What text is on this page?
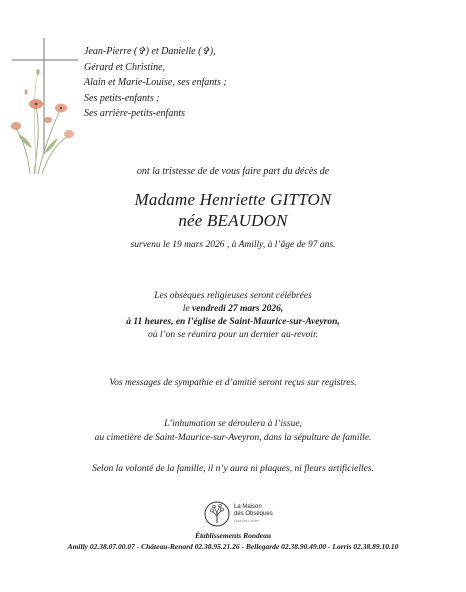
Jean-Pierre (✞) et Danielle (✞),
Gérard et Christine,
Alain et Marie-Louise, ses enfants ;
Ses petits-enfants ;
Ses arrière-petits-enfants
ont la tristesse de de vous faire part du décès de
Madame Henriette GITTON
née BEAUDON
survenu le 19 mars 2026 , à Amilly, à l’âge de 97 ans.
Les obsèques religieuses seront célébrées
le vendredi 27 mars 2026,
à 11 heures, en l’église de Saint-Maurice-sur-Aveyron,
où l’on se réunira pour un dernier au-revoir.
Vos messages de sympathie et d’amitié seront reçus sur registres.
L’inhumation se déroulera à l’issue,
au cimetière de Saint-Maurice-sur-Aveyron, dans la sépulture de famille.
Selon la volonté de la famille, il n’y aura ni plaques, ni fleurs artificielles.
La Maison
des Obsèques
rassurer aider
Établissements Rondeau
Amilly 02.38.07.00.07 - Château-Renard 02.38.95.21.26 - Bellegarde 02.38.90.49.00 - Lorris 02.38.89.10.10
